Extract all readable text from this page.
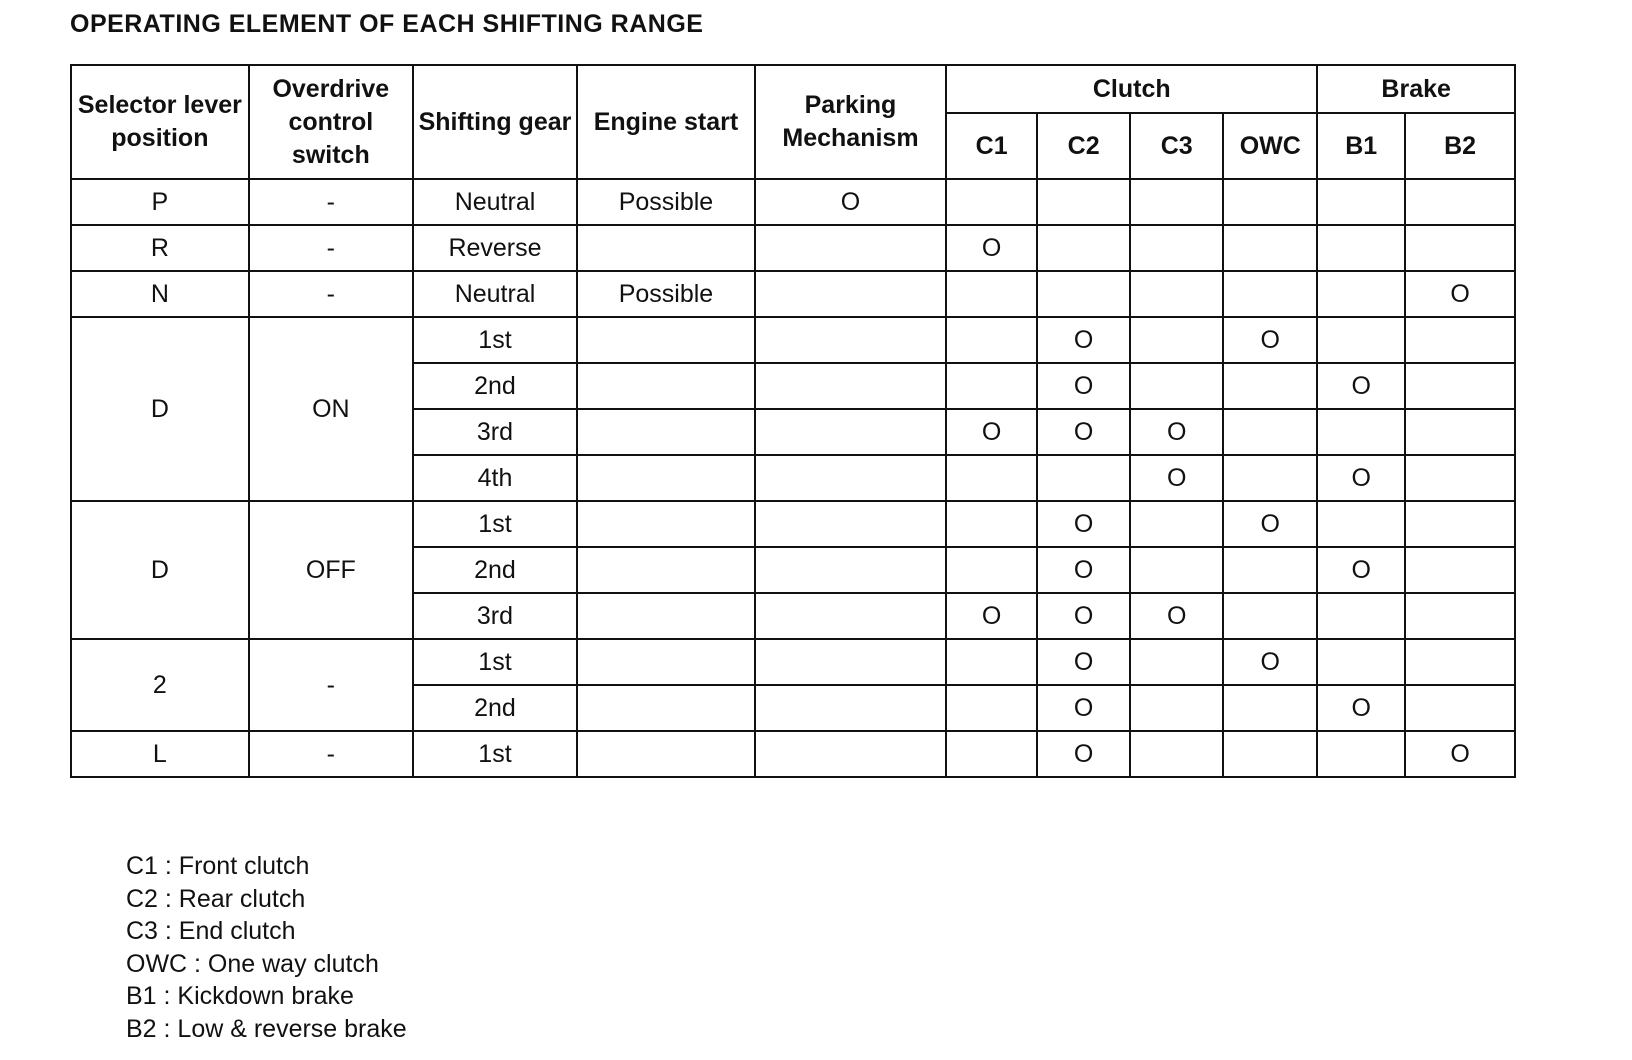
OPERATING ELEMENT OF EACH SHIFTING RANGE
Selector lever position	Overdrive control switch	Shifting gear	Engine start	Parking Mechanism	Clutch				Brake	
					C1	C2	C3	OWC	B1	B2
P	-	Neutral	Possible	O						
R	-	Reverse			O					
N	-	Neutral	Possible							O
D	ON	1st				O		O		
		2nd				O			O	
		3rd			O	O	O			
		4th					O		O	
D	OFF	1st				O		O		
		2nd				O			O	
		3rd			O	O	O			
2	-	1st				O		O		
		2nd				O			O	
L	-	1st				O				O
C1 : Front clutch
C2 : Rear clutch
C3 : End clutch
OWC : One way clutch
B1 : Kickdown brake
B2 : Low & reverse brake
